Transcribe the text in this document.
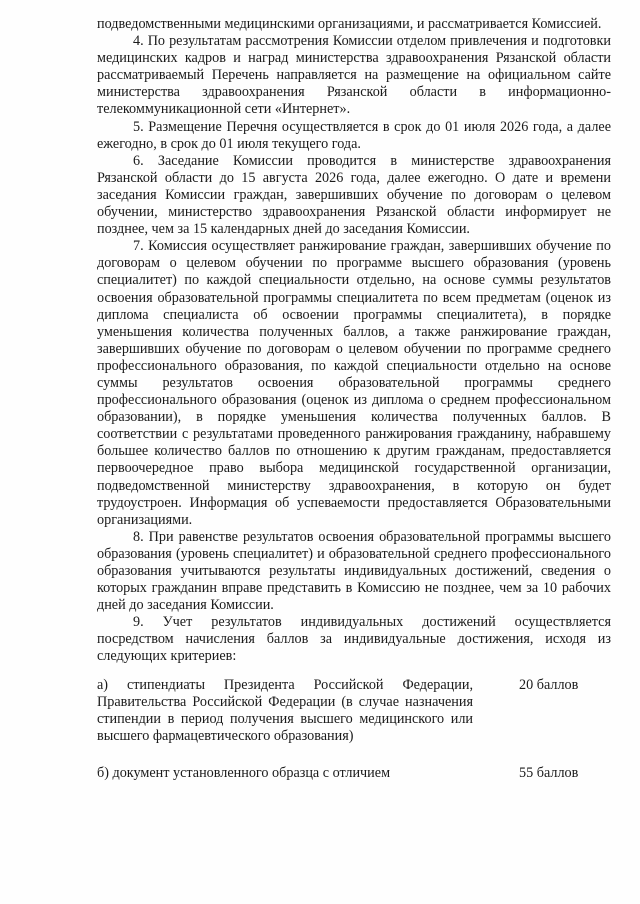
подведомственными медицинскими организациями, и рассматривается Комиссией.

4. По результатам рассмотрения Комиссии отделом привлечения и подготовки медицинских кадров и наград министерства здравоохранения Рязанской области рассматриваемый Перечень направляется на размещение на официальном сайте министерства здравоохранения Рязанской области в информационно-телекоммуникационной сети «Интернет».

5. Размещение Перечня осуществляется в срок до 01 июля 2026 года, а далее ежегодно, в срок до 01 июля текущего года.

6. Заседание Комиссии проводится в министерстве здравоохранения Рязанской области до 15 августа 2026 года, далее ежегодно. О дате и времени заседания Комиссии граждан, завершивших обучение по договорам о целевом обучении, министерство здравоохранения Рязанской области информирует не позднее, чем за 15 календарных дней до заседания Комиссии.

7. Комиссия осуществляет ранжирование граждан, завершивших обучение по договорам о целевом обучении по программе высшего образования (уровень специалитет) по каждой специальности отдельно, на основе суммы результатов освоения образовательной программы специалитета по всем предметам (оценок из диплома специалиста об освоении программы специалитета), в порядке уменьшения количества полученных баллов, а также ранжирование граждан, завершивших обучение по договорам о целевом обучении по программе среднего профессионального образования, по каждой специальности отдельно на основе суммы результатов освоения образовательной программы среднего профессионального образования (оценок из диплома о среднем профессиональном образовании), в порядке уменьшения количества полученных баллов. В соответствии с результатами проведенного ранжирования гражданину, набравшему большее количество баллов по отношению к другим гражданам, предоставляется первоочередное право выбора медицинской государственной организации, подведомственной министерству здравоохранения, в которую он будет трудоустроен. Информация об успеваемости предоставляется Образовательными организациями.

8. При равенстве результатов освоения образовательной программы высшего образования (уровень специалитет) и образовательной среднего профессионального образования учитываются результаты индивидуальных достижений, сведения о которых гражданин вправе представить в Комиссию не позднее, чем за 10 рабочих дней до заседания Комиссии.

9. Учет результатов индивидуальных достижений осуществляется посредством начисления баллов за индивидуальные достижения, исходя из следующих критериев:

а) стипендиаты Президента Российской Федерации, Правительства Российской Федерации (в случае назначения стипендии в период получения высшего медицинского или высшего фармацевтического образования)
20 баллов
б) документ установленного образца с отличием	55 баллов
